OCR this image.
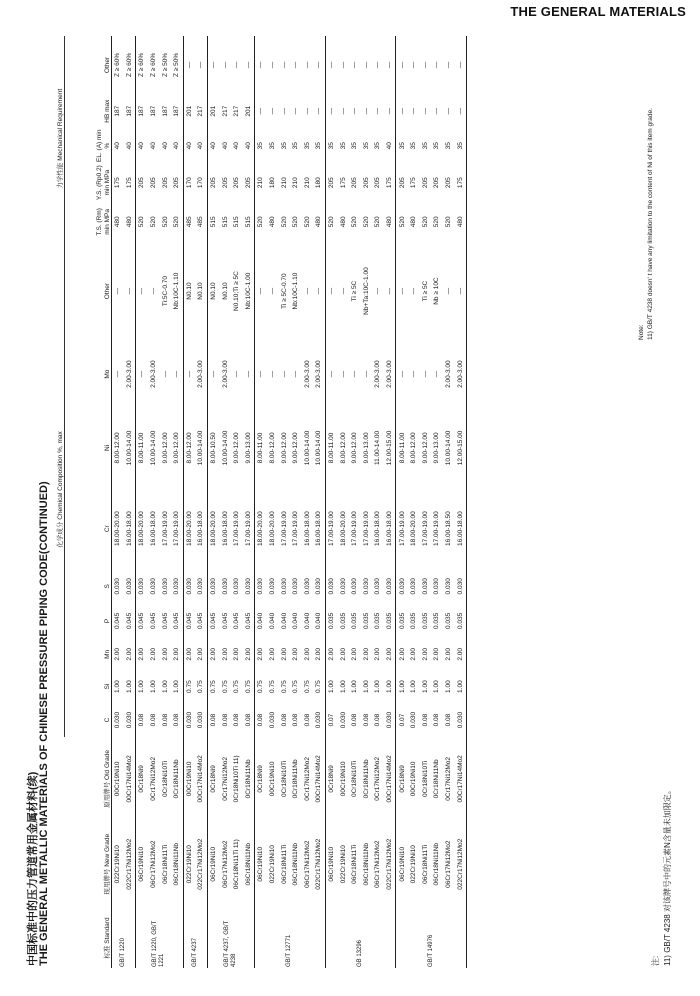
THE GENERAL MATERIALS
中国标准中的压力管道常用金属材料(续) THE GENERAL METALLIC MATERIALS OF CHINESE PRESSURE PIPING CODE(CONTINUED)	标准 Standard	现用牌号 New Grade	原用牌号 Old Grade	化学成分 Chemical Composition %, max									力学性能 Mechanical Requirement				
			C	Si	Mn	P	S	Cr	Ni	Mo	Other	T.S. (Rm) min MPa	Y.S. (Rp0.2) min MPa	EL. (A) min %	HB max	Other

GB/T 1220	022Cr19Ni10	00Cr19Ni10	0.030	1.00	2.00	0.045	0.030	18.00-20.00	8.00-12.00	—	—	480	175	40	187	Z ≥ 60%
	022Cr17Ni12Mo2	00Cr17Ni14Mo2	0.030	1.00	2.00	0.045	0.030	16.00-18.00	10.00-14.00	2.00-3.00	—	480	175	40	187	Z ≥ 60%
GB/T 1220, GB/T 1221	06Cr19Ni10	0Cr18Ni9	0.08	1.00	2.00	0.045	0.030	18.00-20.00	8.00-11.00	—	—	520	205	40	187	Z ≥ 60%
	06Cr17Ni12Mo2	0Cr17Ni12Mo2	0.08	1.00	2.00	0.045	0.030	16.00-18.00	10.00-14.00	2.00-3.00	—	520	205	40	187	Z ≥ 60%
	06Cr18Ni11Ti	0Cr18Ni10Ti	0.08	1.00	2.00	0.045	0.030	17.00-19.00	9.00-12.00	—	Ti:5C-0.70	520	205	40	187	Z ≥ 50%
	06Cr18Ni11Nb	0Cr18Ni11Nb	0.08	1.00	2.00	0.045	0.030	17.00-19.00	9.00-12.00	—	Nb:10C-1.10	520	205	40	187	Z ≥ 50%
GB/T 4237	022Cr19Ni10	00Cr19Ni10	0.030	0.75	2.00	0.045	0.030	18.00-20.00	8.00-12.00	—	N0.10	485	170	40	201	—
	022Cr17Ni12Mo2	00Cr17Ni14Mo2	0.030	0.75	2.00	0.045	0.030	16.00-18.00	10.00-14.00	2.00-3.00	N0.10	485	170	40	217	—
GB/T 4237, GB/T 4238	06Cr19Ni10	0Cr18Ni9	0.08	0.75	2.00	0.045	0.030	18.00-20.00	8.00-10.50	—	N0.10	515	205	40	201	—
	06Cr17Ni12Mo2	0Cr17Ni12Mo2	0.08	0.75	2.00	0.045	0.030	16.00-18.00	10.00-14.00	2.00-3.00	N0.10	515	205	40	217	—
	06Cr18Ni11Ti 11)	0Cr18Ni10Ti 11)	0.08	0.75	2.00	0.045	0.030	17.00-19.00	9.00-12.00	—	N0.10;Ti ≥ 5C	515	205	40	217	—
	06Cr18Ni11Nb	0Cr18Ni11Nb	0.08	0.75	2.00	0.045	0.030	17.00-19.00	9.00-13.00	—	Nb:10C-1.00	515	205	40	201	—
GB/T 12771	06Cr19Ni10	0Cr18Ni9	0.08	0.75	2.00	0.040	0.030	18.00-20.00	8.00-11.00	—	—	520	210	35	—	—
	022Cr19Ni10	00Cr19Ni10	0.030	0.75	2.00	0.040	0.030	18.00-20.00	8.00-12.00	—	—	480	180	35	—	—
	06Cr18Ni11Ti	0Cr18Ni10Ti	0.08	0.75	2.00	0.040	0.030	17.00-19.00	9.00-12.00	—	Ti ≥ 5C-0.70	520	210	35	—	—
	06Cr18Ni11Nb	0Cr18Ni11Nb	0.08	0.75	2.00	0.040	0.030	17.00-19.00	9.00-12.00	—	Nb:10C-1.10	520	210	35	—	—
	06Cr17Ni12Mo2	0Cr17Ni12Mo2	0.08	0.75	2.00	0.040	0.030	16.00-18.00	10.00-14.00	2.00-3.00	—	520	210	35	—	—
	022Cr17Ni12Mo2	00Cr17Ni14Mo2	0.030	0.75	2.00	0.040	0.030	16.00-18.00	10.00-14.00	2.00-3.00	—	480	180	35	—	—
GB 13296	06Cr19Ni10	0Cr18Ni9	0.07	1.00	2.00	0.035	0.030	17.00-19.00	8.00-11.00	—	—	520	205	35	—	—
	022Cr19Ni10	00Cr19Ni10	0.030	1.00	2.00	0.035	0.030	18.00-20.00	8.00-12.00	—	—	480	175	35	—	—
	06Cr18Ni11Ti	0Cr18Ni10Ti	0.08	1.00	2.00	0.035	0.030	17.00-19.00	9.00-12.00	—	Ti ≥ 5C	520	205	35	—	—
	06Cr18Ni11Nb	0Cr18Ni11Nb	0.08	1.00	2.00	0.035	0.030	17.00-19.00	9.00-13.00	—	Nb+Ta:10C-1.00	520	205	35	—	—
	06Cr17Ni12Mo2	0Cr17Ni12Mo2	0.08	1.00	2.00	0.035	0.030	16.00-18.00	11.00-14.00	2.00-3.00	—	520	205	35	—	—
	022Cr17Ni12Mo2	00Cr17Ni14Mo2	0.030	1.00	2.00	0.035	0.030	16.00-18.00	12.00-15.00	2.00-3.00	—	480	175	40	—	—
GB/T 14976	06Cr19Ni10	0Cr18Ni9	0.07	1.00	2.00	0.035	0.030	17.00-19.00	8.00-11.00	—	—	520	205	35	—	—
	022Cr19Ni10	00Cr19Ni10	0.030	1.00	2.00	0.035	0.030	18.00-20.00	8.00-12.00	—	—	480	175	35	—	—
	06Cr18Ni11Ti	0Cr18Ni10Ti	0.08	1.00	2.00	0.035	0.030	17.00-19.00	9.00-12.00	—	Ti ≥ 5C	520	205	35	—	—
	06Cr18Ni11Nb	0Cr18Ni11Nb	0.08	1.00	2.00	0.035	0.030	17.00-19.00	9.00-13.00	—	Nb ≥ 10C	520	205	35	—	—
	06Cr17Ni12Mo2	0Cr17Ni12Mo2	0.08	1.00	2.00	0.035	0.030	16.00-18.50	10.00-14.00	2.00-3.00	—	520	205	35	—	—
	022Cr17Ni12Mo2	00Cr17Ni14Mo2	0.030	1.00	2.00	0.035	0.030	16.00-18.00	12.00-15.00	2.00-3.00	—	480	175	35	—	—
Note: 11) GB/T 4238 doesn' t have any limitation to the content of Ni of this item grade.
注: 11) GB/T 4238 对该牌号中的元素N含量未加限定。
